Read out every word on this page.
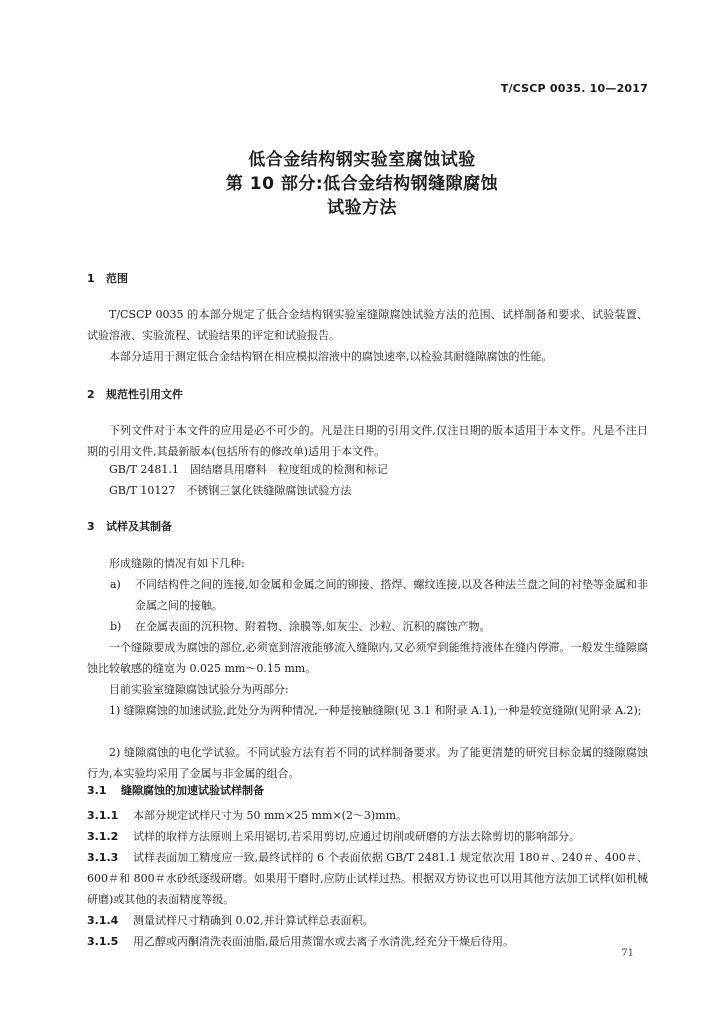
T/CSCP 0035. 10—2017
低合金结构钢实验室腐蚀试验
第 10 部分:低合金结构钢缝隙腐蚀
试验方法
1 范围
T/CSCP 0035 的本部分规定了低合金结构钢实验室缝隙腐蚀试验方法的范围、试样制备和要求、试验装置、试验溶液、实验流程、试验结果的评定和试验报告。
本部分适用于测定低合金结构钢在相应模拟溶液中的腐蚀速率,以检验其耐缝隙腐蚀的性能。
2 规范性引用文件
下列文件对于本文件的应用是必不可少的。凡是注日期的引用文件,仅注日期的版本适用于本文件。凡是不注日期的引用文件,其最新版本(包括所有的修改单)适用于本文件。
GB/T 2481.1　固结磨具用磨料　粒度组成的检测和标记
GB/T 10127　不锈钢三氯化铁缝隙腐蚀试验方法
3 试样及其制备
形成缝隙的情况有如下几种:
a) 不同结构件之间的连接,如金属和金属之间的铆接、搭焊、螺纹连接,以及各种法兰盘之间的衬垫等金属和非金属之间的接触。
b) 在金属表面的沉积物、附着物、涂膜等,如灰尘、沙粒、沉积的腐蚀产物。
一个缝隙要成为腐蚀的部位,必须宽到溶液能够流入缝隙内,又必须窄到能维持液体在缝内停滞。一般发生缝隙腐蚀比较敏感的缝宽为 0.025 mm～0.15 mm。
目前实验室缝隙腐蚀试验分为两部分:
1) 缝隙腐蚀的加速试验,此处分为两种情况,一种是接触缝隙(见 3.1 和附录 A.1),一种是较宽缝隙(见附录 A.2);
2) 缝隙腐蚀的电化学试验。不同试验方法有若不同的试样制备要求。为了能更清楚的研究目标金属的缝隙腐蚀行为,本实验均采用了金属与非金属的组合。
3.1 缝隙腐蚀的加速试验试样制备
3.1.1 本部分规定试样尺寸为 50 mm×25 mm×(2～3)mm。
3.1.2 试样的取样方法原则上采用锯切,若采用剪切,应通过切削或研磨的方法去除剪切的影响部分。
3.1.3 试样表面加工精度应一致,最终试样的 6 个表面依据 GB/T 2481.1 规定依次用 180＃、240＃、400＃、600＃和 800＃水砂纸逐级研磨。如果用干磨时,应防止试样过热。根据双方协议也可以用其他方法加工试样(如机械研磨)或其他的表面精度等级。
3.1.4 测量试样尺寸精确到 0.02,并计算试样总表面积。
3.1.5 用乙醇或丙酮清洗表面油脂,最后用蒸馏水或去离子水清洗,经充分干燥后待用。
71
